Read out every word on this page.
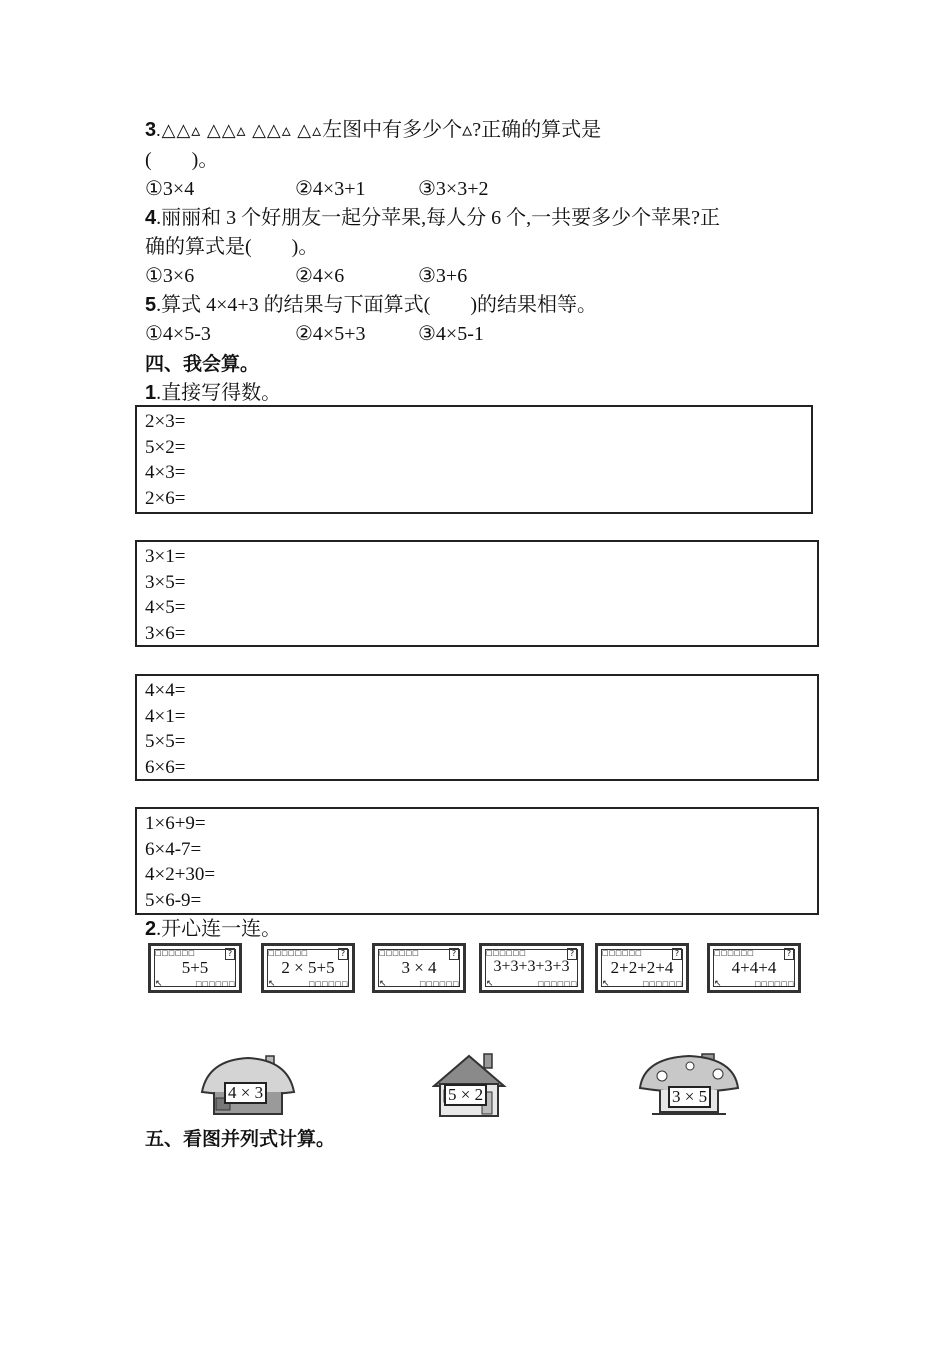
3.△△▵ △△▵ △△▵ △▵左图中有多少个▵?正确的算式是
(　　)。
①3×4	②4×3+1	③3×3+2
4.丽丽和 3 个好朋友一起分苹果,每人分 6 个,一共要多少个苹果?正
确的算式是(　　)。
①3×6	②4×6	③3+6
5.算式 4×4+3 的结果与下面算式(　　)的结果相等。
①4×5-3	②4×5+3	③4×5-1
四、我会算。
1.直接写得数。
2×3=
5×2=
4×3=
2×6=
3×1=
3×5=
4×5=
3×6=
4×4=
4×1=
5×5=
6×6=
1×6+9=
6×4-7=
4×2+30=
5×6-9=
2.开心连一连。
□□□□□□	?
5+5
↖	□□□□□□
□□□□□□	?
2 × 5+5
↖	□□□□□□
□□□□□□	?
3 × 4
↖	□□□□□□
□□□□□□	?
3+3+3+3+3
↖	□□□□□□
□□□□□□	?
2+2+2+4
↖	□□□□□□
□□□□□□	?
4+4+4
↖	□□□□□□
4 × 3	5 × 2	3 × 5
五、看图并列式计算。
